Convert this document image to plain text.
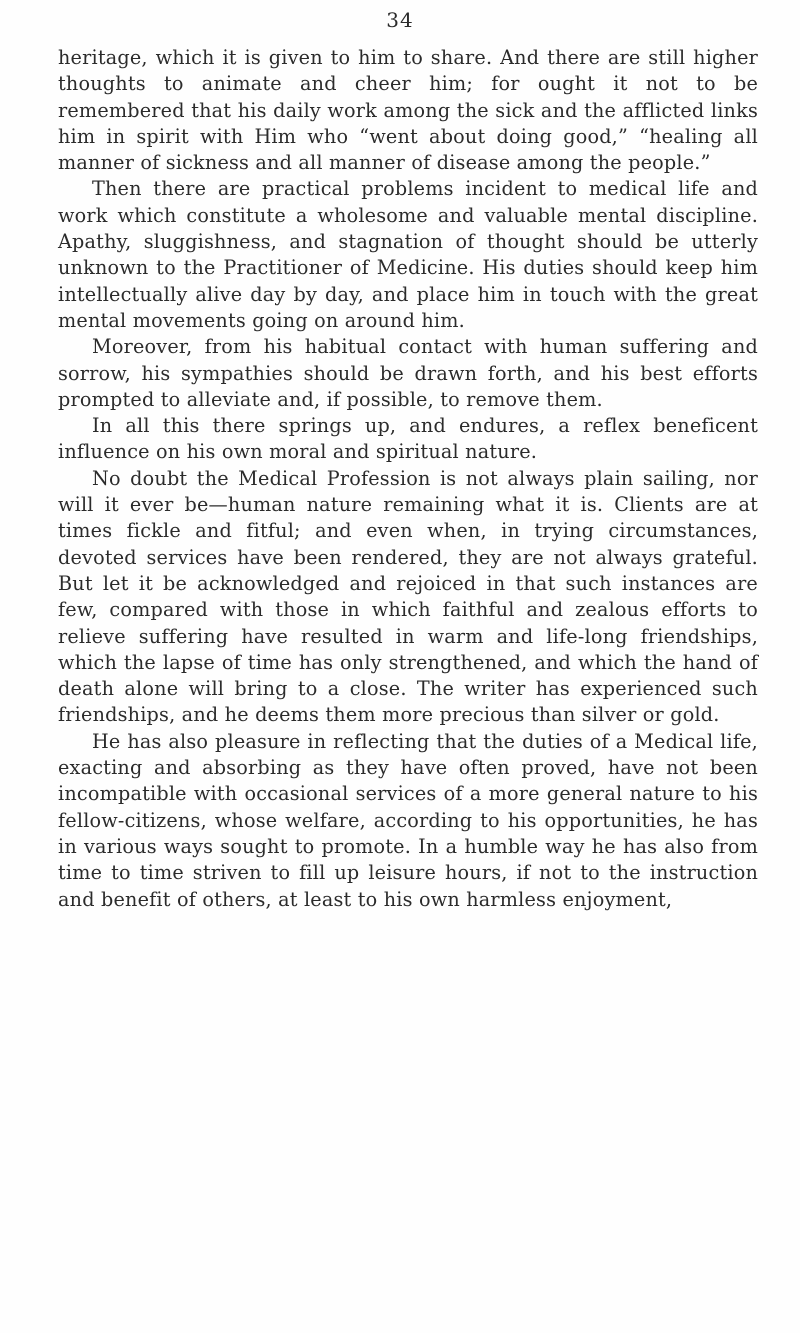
34

heritage, which it is given to him to share. And there are still higher thoughts to animate and cheer him; for ought it not to be remembered that his daily work among the sick and the afflicted links him in spirit with Him who “went about doing good,” “healing all manner of sickness and all manner of disease among the people.”

Then there are practical problems incident to medical life and work which constitute a wholesome and valuable mental discipline. Apathy, sluggishness, and stagnation of thought should be utterly unknown to the Practitioner of Medicine. His duties should keep him intellectually alive day by day, and place him in touch with the great mental movements going on around him.

Moreover, from his habitual contact with human suffering and sorrow, his sympathies should be drawn forth, and his best efforts prompted to alleviate and, if possible, to remove them.

In all this there springs up, and endures, a reflex beneficent influence on his own moral and spiritual nature.

No doubt the Medical Profession is not always plain sailing, nor will it ever be—human nature remaining what it is. Clients are at times fickle and fitful; and even when, in trying circumstances, devoted services have been rendered, they are not always grateful. But let it be acknowledged and rejoiced in that such instances are few, compared with those in which faithful and zealous efforts to relieve suffering have resulted in warm and life-long friendships, which the lapse of time has only strengthened, and which the hand of death alone will bring to a close. The writer has experienced such friendships, and he deems them more precious than silver or gold.

He has also pleasure in reflecting that the duties of a Medical life, exacting and absorbing as they have often proved, have not been incompatible with occasional services of a more general nature to his fellow-citizens, whose welfare, according to his opportunities, he has in various ways sought to promote. In a humble way he has also from time to time striven to fill up leisure hours, if not to the instruction and benefit of others, at least to his own harmless enjoyment,
